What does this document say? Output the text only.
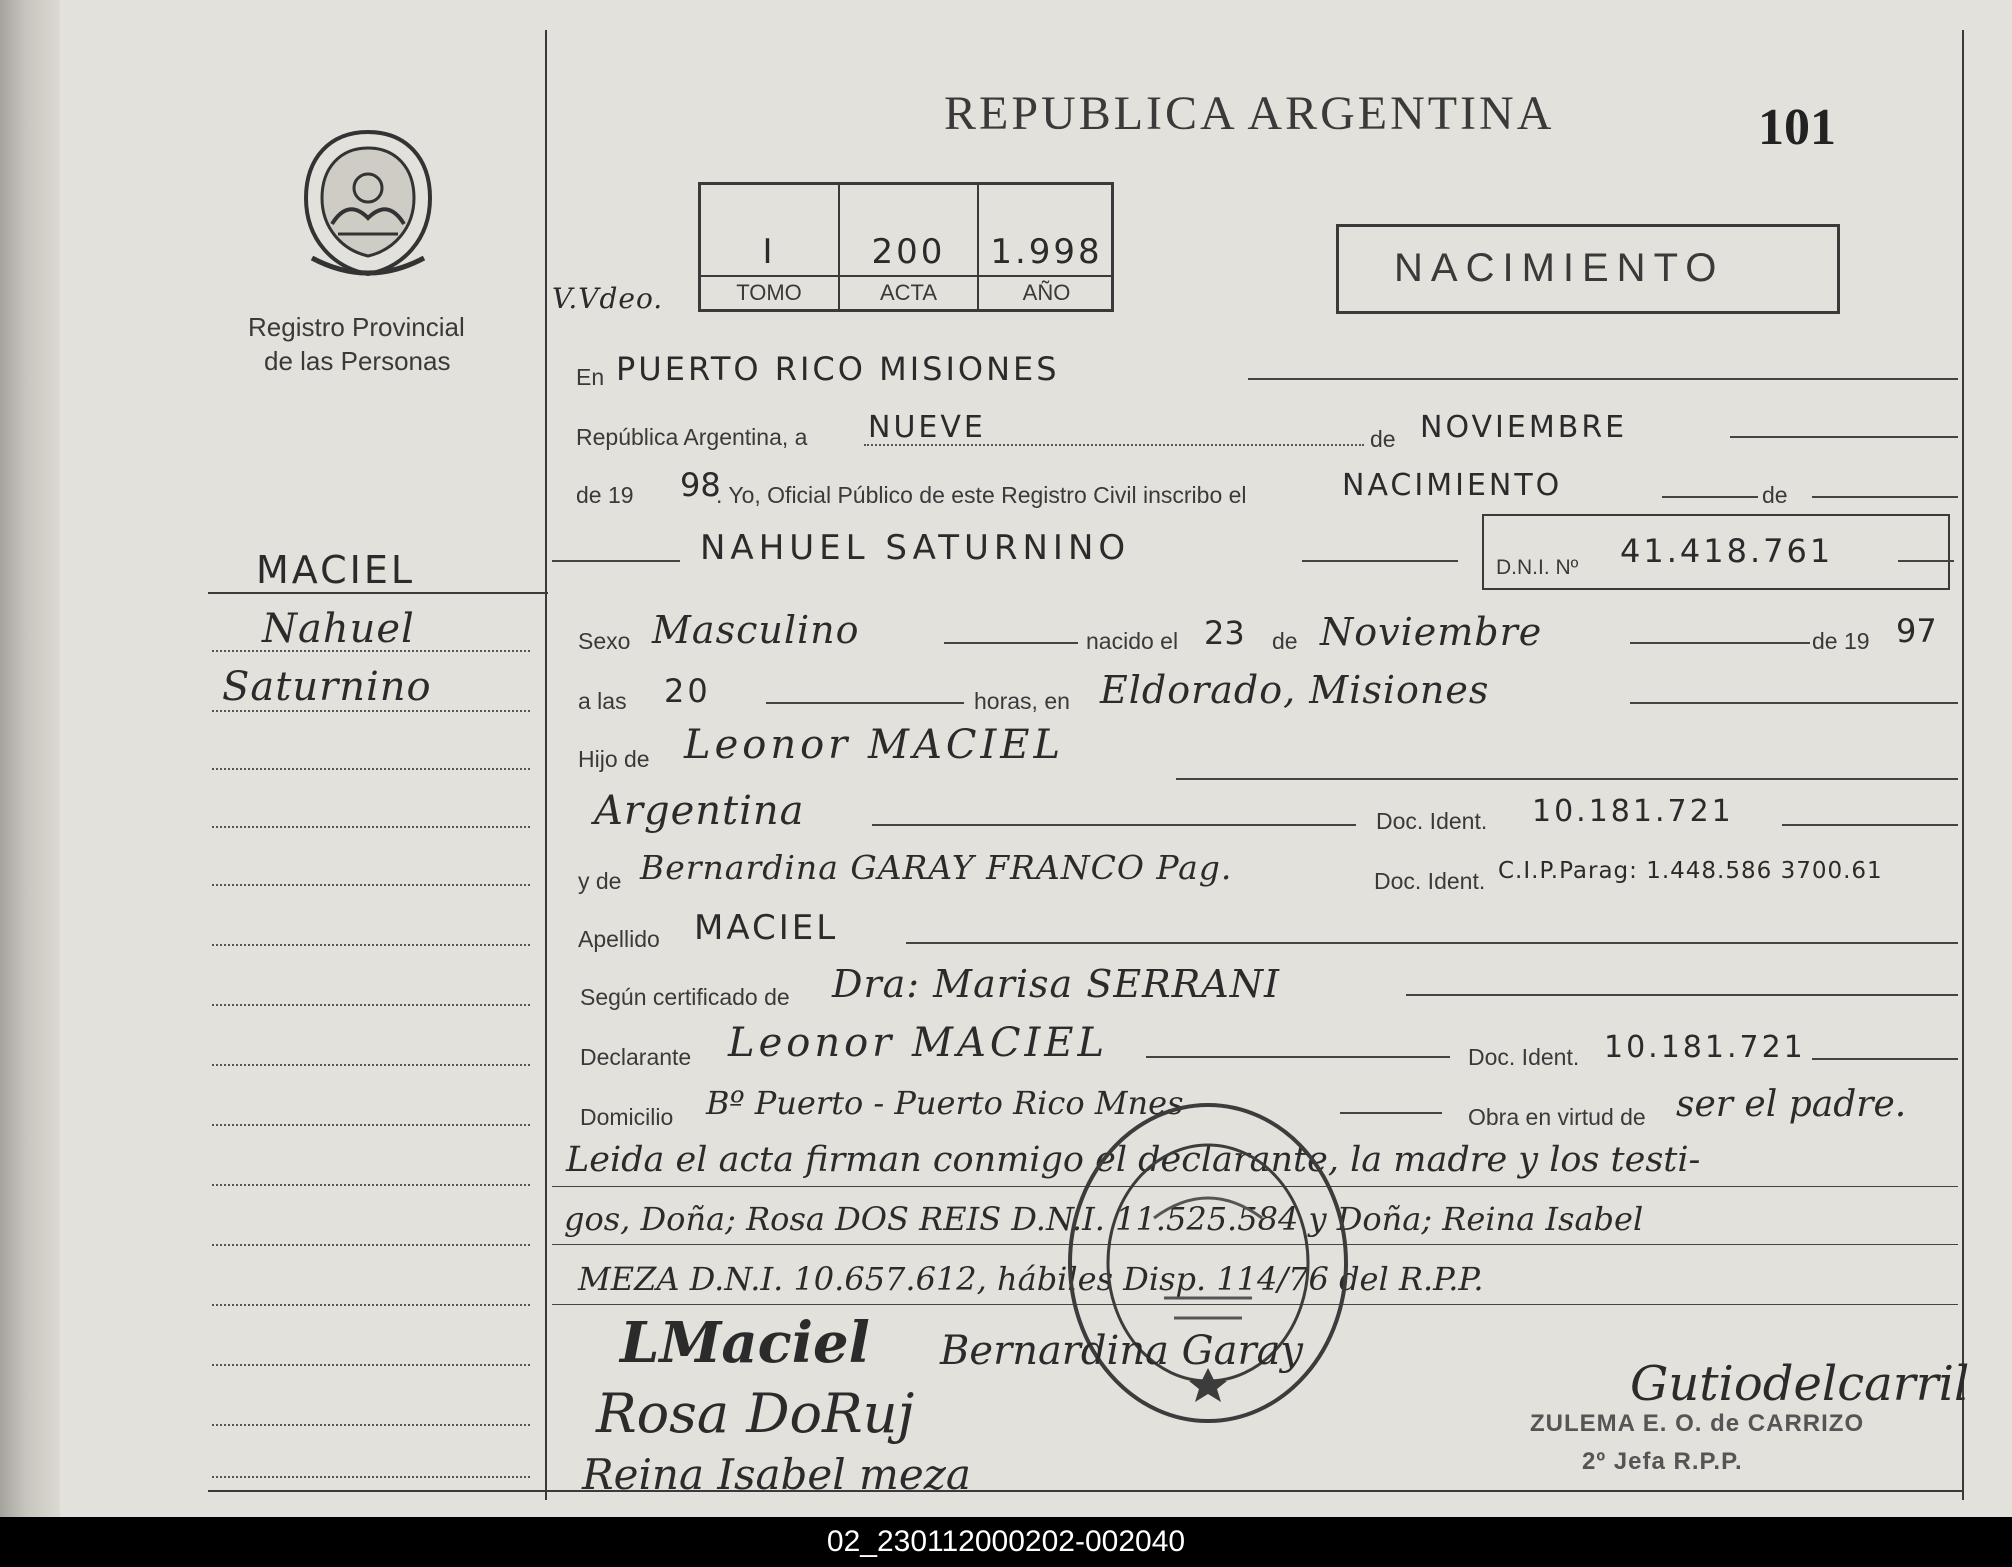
Registro Provincial
de las Personas
REPUBLICA ARGENTINA	101
I	200	1.998
TOMO	ACTA	AÑO
V.Vdeo.
NACIMIENTO
MACIEL
Nahuel
Saturnino
En PUERTO RICO MISIONES
República Argentina, a NUEVE	de NOVIEMBRE
de 19 98
. Yo, Oficial Público de este Registro Civil inscribo el	NACIMIENTO	de
NAHUEL SATURNINO	D.N.I. Nº 41.418.761
Sexo Masculino	nacido el 23 de Noviembre	de 19 97
a las 20	horas, en Eldorado, Misiones
Hijo de Leonor MACIEL
Argentina	Doc. Ident. 10.181.721
y de Bernardina GARAY FRANCO Pag.	Doc. Ident. C.I.P.Parag: 1.448.586 3700.61
Apellido MACIEL
Según certificado de Dra: Marisa SERRANI
Declarante Leonor MACIEL	Doc. Ident. 10.181.721
Domicilio Bº Puerto - Puerto Rico Mnes	Obra en virtud de ser el padre.
Leida el acta firman conmigo el declarante, la madre y los testi-
gos, Doña; Rosa DOS REIS D.N.I. 11.525.584 y Doña; Reina Isabel
MEZA D.N.I. 10.657.612, hábiles Disp. 114/76 del R.P.P.
LMaciel Bernardina Garay
Rosa DoRuj
Reina Isabel meza
Gutiodelcarril
ZULEMA E. O. de CARRIZO
2º Jefa R.P.P.
02_230112000202-002040
